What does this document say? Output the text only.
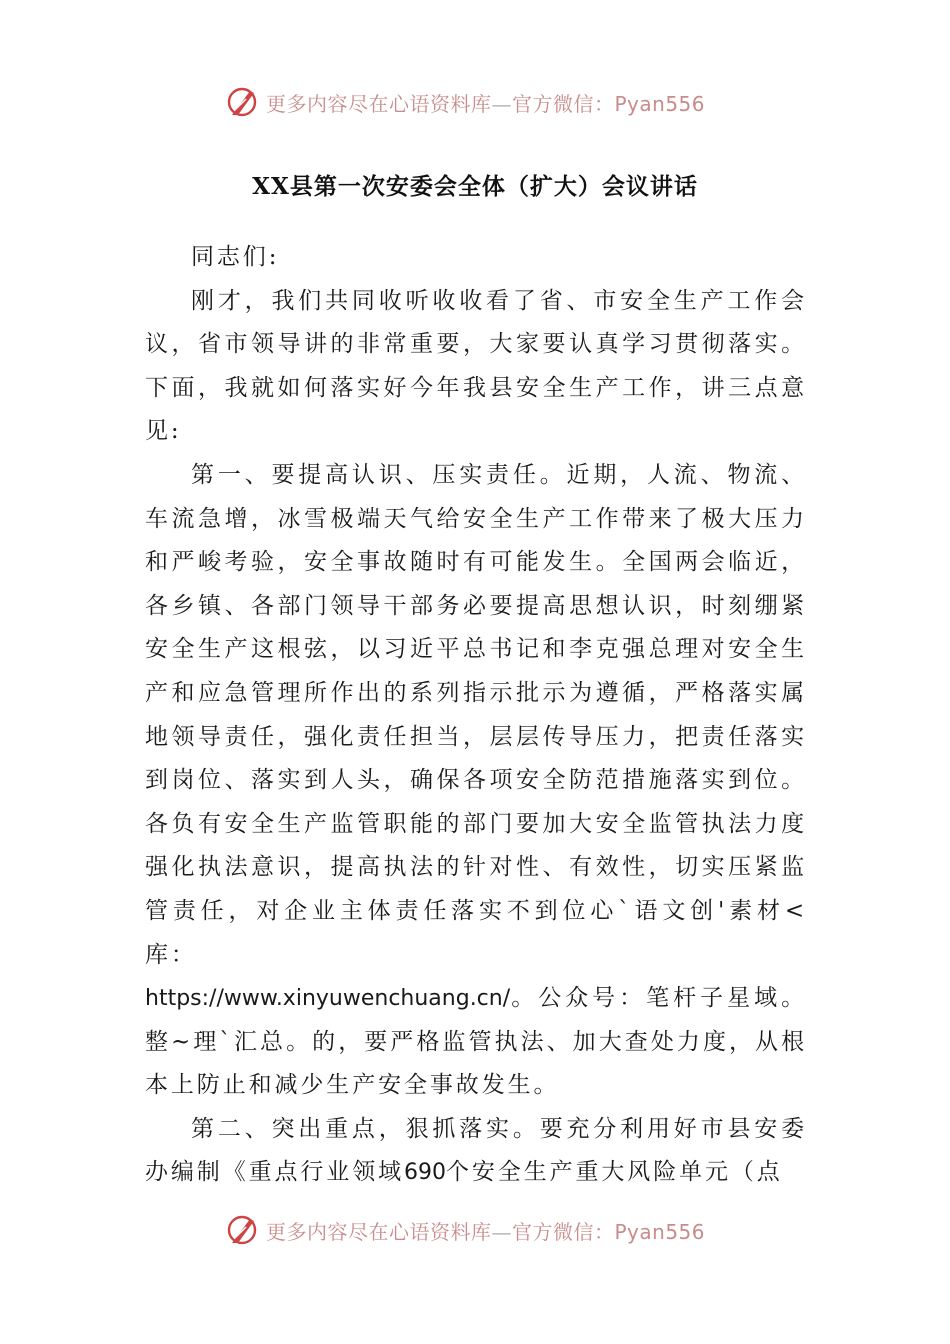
更多内容尽在心语资料库—官方微信：Pyan556
XX县第一次安委会全体（扩大）会议讲话

同志们:

刚才，我们共同收听收收看了省、市安全生产工作会议，省市领导讲的非常重要，大家要认真学习贯彻落实。下面，我就如何落实好今年我县安全生产工作，讲三点意见:

第一、要提高认识、压实责任。近期，人流、物流、车流急增，冰雪极端天气给安全生产工作带来了极大压力和严峻考验，安全事故随时有可能发生。全国两会临近，各乡镇、各部门领导干部务必要提高思想认识，时刻绷紧安全生产这根弦，以习近平总书记和李克强总理对安全生产和应急管理所作出的系列指示批示为遵循，严格落实属地领导责任，强化责任担当，层层传导压力，把责任落实到岗位、落实到人头，确保各项安全防范措施落实到位。各负有安全生产监管职能的部门要加大安全监管执法力度强化执法意识，提高执法的针对性、有效性，切实压紧监管责任，对企业主体责任落实不到位心`语文创'素材<库：
https://www.xinyuwenchuang.cn/。公众号：笔杆子星域。整~理`汇总。的，要严格监管执法、加大查处力度，从根本上防止和减少生产安全事故发生。

第二、突出重点，狠抓落实。要充分利用好市县安委办编制《重点行业领域690个安全生产重大风险单元（点

更多内容尽在心语资料库—官方微信：Pyan556
